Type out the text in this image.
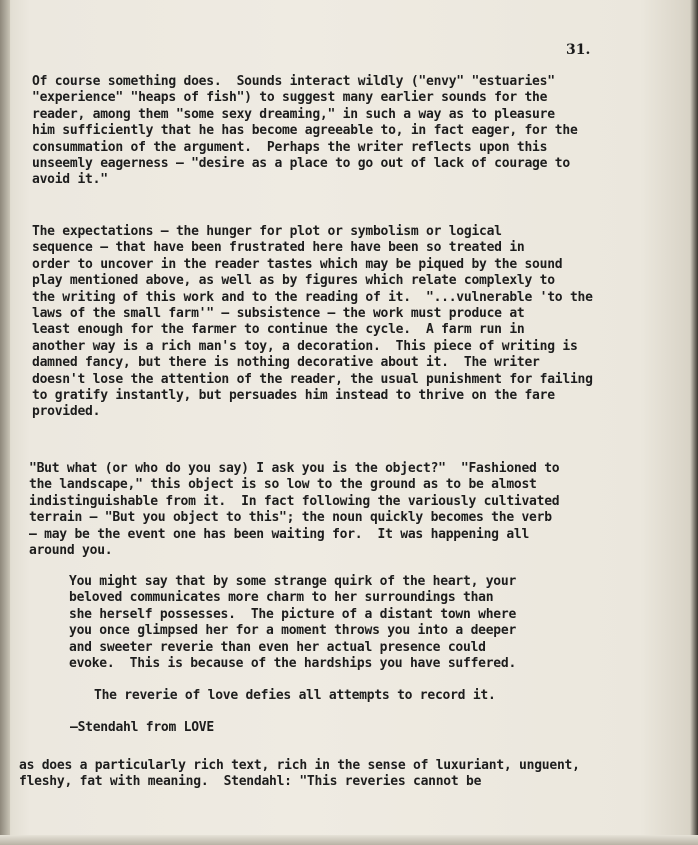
31.

Of course something does.  Sounds interact wildly ("envy" "estuaries"
"experience" "heaps of fish") to suggest many earlier sounds for the
reader, among them "some sexy dreaming," in such a way as to pleasure
him sufficiently that he has become agreeable to, in fact eager, for the
consummation of the argument.  Perhaps the writer reflects upon this
unseemly eagerness — "desire as a place to go out of lack of courage to
avoid it."

The expectations — the hunger for plot or symbolism or logical
sequence — that have been frustrated here have been so treated in
order to uncover in the reader tastes which may be piqued by the sound
play mentioned above, as well as by figures which relate complexly to
the writing of this work and to the reading of it.  "...vulnerable 'to the
laws of the small farm'" — subsistence — the work must produce at
least enough for the farmer to continue the cycle.  A farm run in
another way is a rich man's toy, a decoration.  This piece of writing is
damned fancy, but there is nothing decorative about it.  The writer
doesn't lose the attention of the reader, the usual punishment for failing
to gratify instantly, but persuades him instead to thrive on the fare
provided.

"But what (or who do you say) I ask you is the object?"  "Fashioned to
the landscape," this object is so low to the ground as to be almost
indistinguishable from it.  In fact following the variously cultivated
terrain — "But you object to this"; the noun quickly becomes the verb
— may be the event one has been waiting for.  It was happening all
around you.

You might say that by some strange quirk of the heart, your
beloved communicates more charm to her surroundings than
she herself possesses.  The picture of a distant town where
you once glimpsed her for a moment throws you into a deeper
and sweeter reverie than even her actual presence could
evoke.  This is because of the hardships you have suffered.

The reverie of love defies all attempts to record it.

—Stendahl from LOVE

as does a particularly rich text, rich in the sense of luxuriant, unguent,
fleshy, fat with meaning.  Stendahl: "This reveries cannot be
